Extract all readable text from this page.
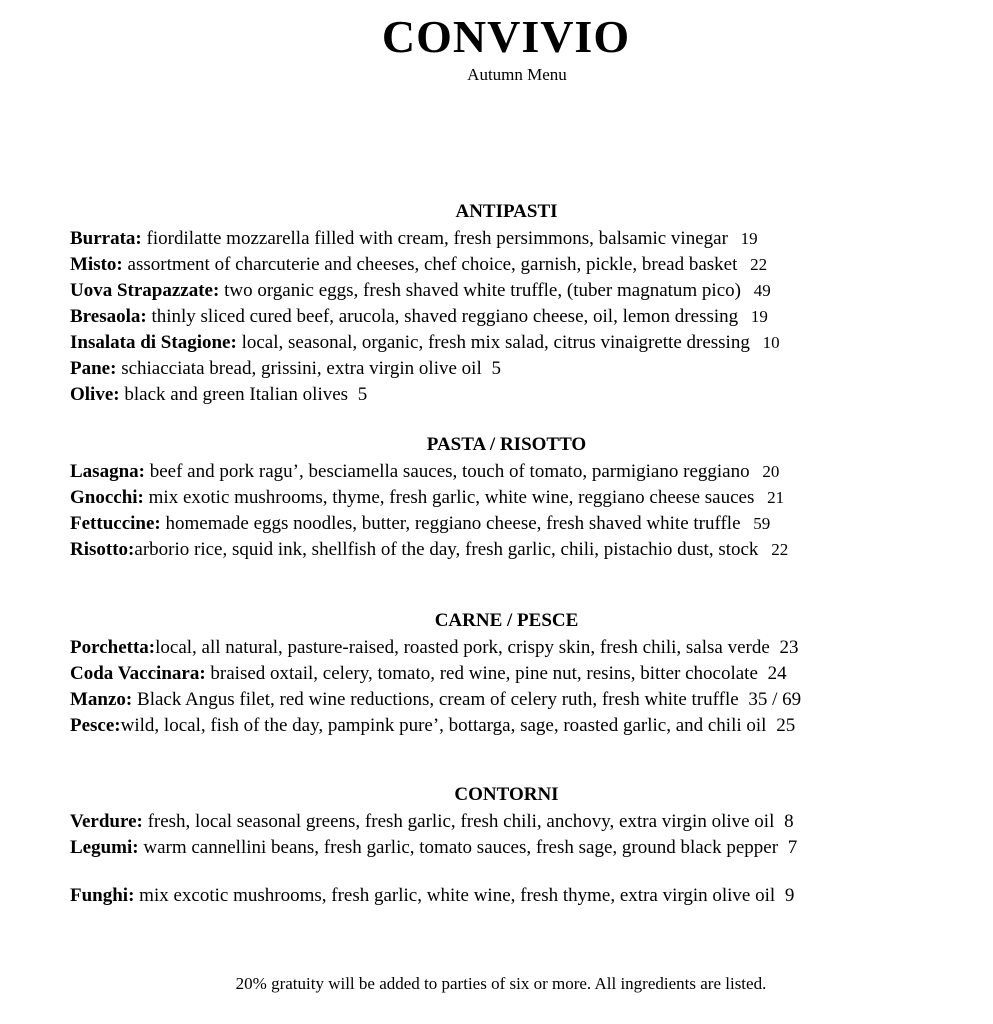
CONVIVIO
Autumn Menu
ANTIPASTI
Burrata: fiordilatte mozzarella filled with cream, fresh persimmons, balsamic vinegar 19
Misto: assortment of charcuterie and cheeses, chef choice, garnish, pickle, bread basket 22
Uova Strapazzate: two organic eggs, fresh shaved white truffle, (tuber magnatum pico) 49
Bresaola: thinly sliced cured beef, arucola, shaved reggiano cheese, oil, lemon dressing 19
Insalata di Stagione: local, seasonal, organic, fresh mix salad, citrus vinaigrette dressing 10
Pane: schiacciata bread, grissini, extra virgin olive oil 5
Olive: black and green Italian olives 5
PASTA / RISOTTO
Lasagna: beef and pork ragu’, besciamella sauces, touch of tomato, parmigiano reggiano 20
Gnocchi: mix exotic mushrooms, thyme, fresh garlic, white wine, reggiano cheese sauces 21
Fettuccine: homemade eggs noodles, butter, reggiano cheese, fresh shaved white truffle 59
Risotto:arborio rice, squid ink, shellfish of the day, fresh garlic, chili, pistachio dust, stock 22
CARNE / PESCE
Porchetta:local, all natural, pasture-raised, roasted pork, crispy skin, fresh chili, salsa verde 23
Coda Vaccinara: braised oxtail, celery, tomato, red wine, pine nut, resins, bitter chocolate 24
Manzo: Black Angus filet, red wine reductions, cream of celery ruth, fresh white truffle 35 / 69
Pesce:wild, local, fish of the day, pampink pure’, bottarga, sage, roasted garlic, and chili oil 25
CONTORNI
Verdure: fresh, local seasonal greens, fresh garlic, fresh chili, anchovy, extra virgin olive oil 8
Legumi: warm cannellini beans, fresh garlic, tomato sauces, fresh sage, ground black pepper 7
Funghi: mix excotic mushrooms, fresh garlic, white wine, fresh thyme, extra virgin olive oil 9
20% gratuity will be added to parties of six or more. All ingredients are listed.
